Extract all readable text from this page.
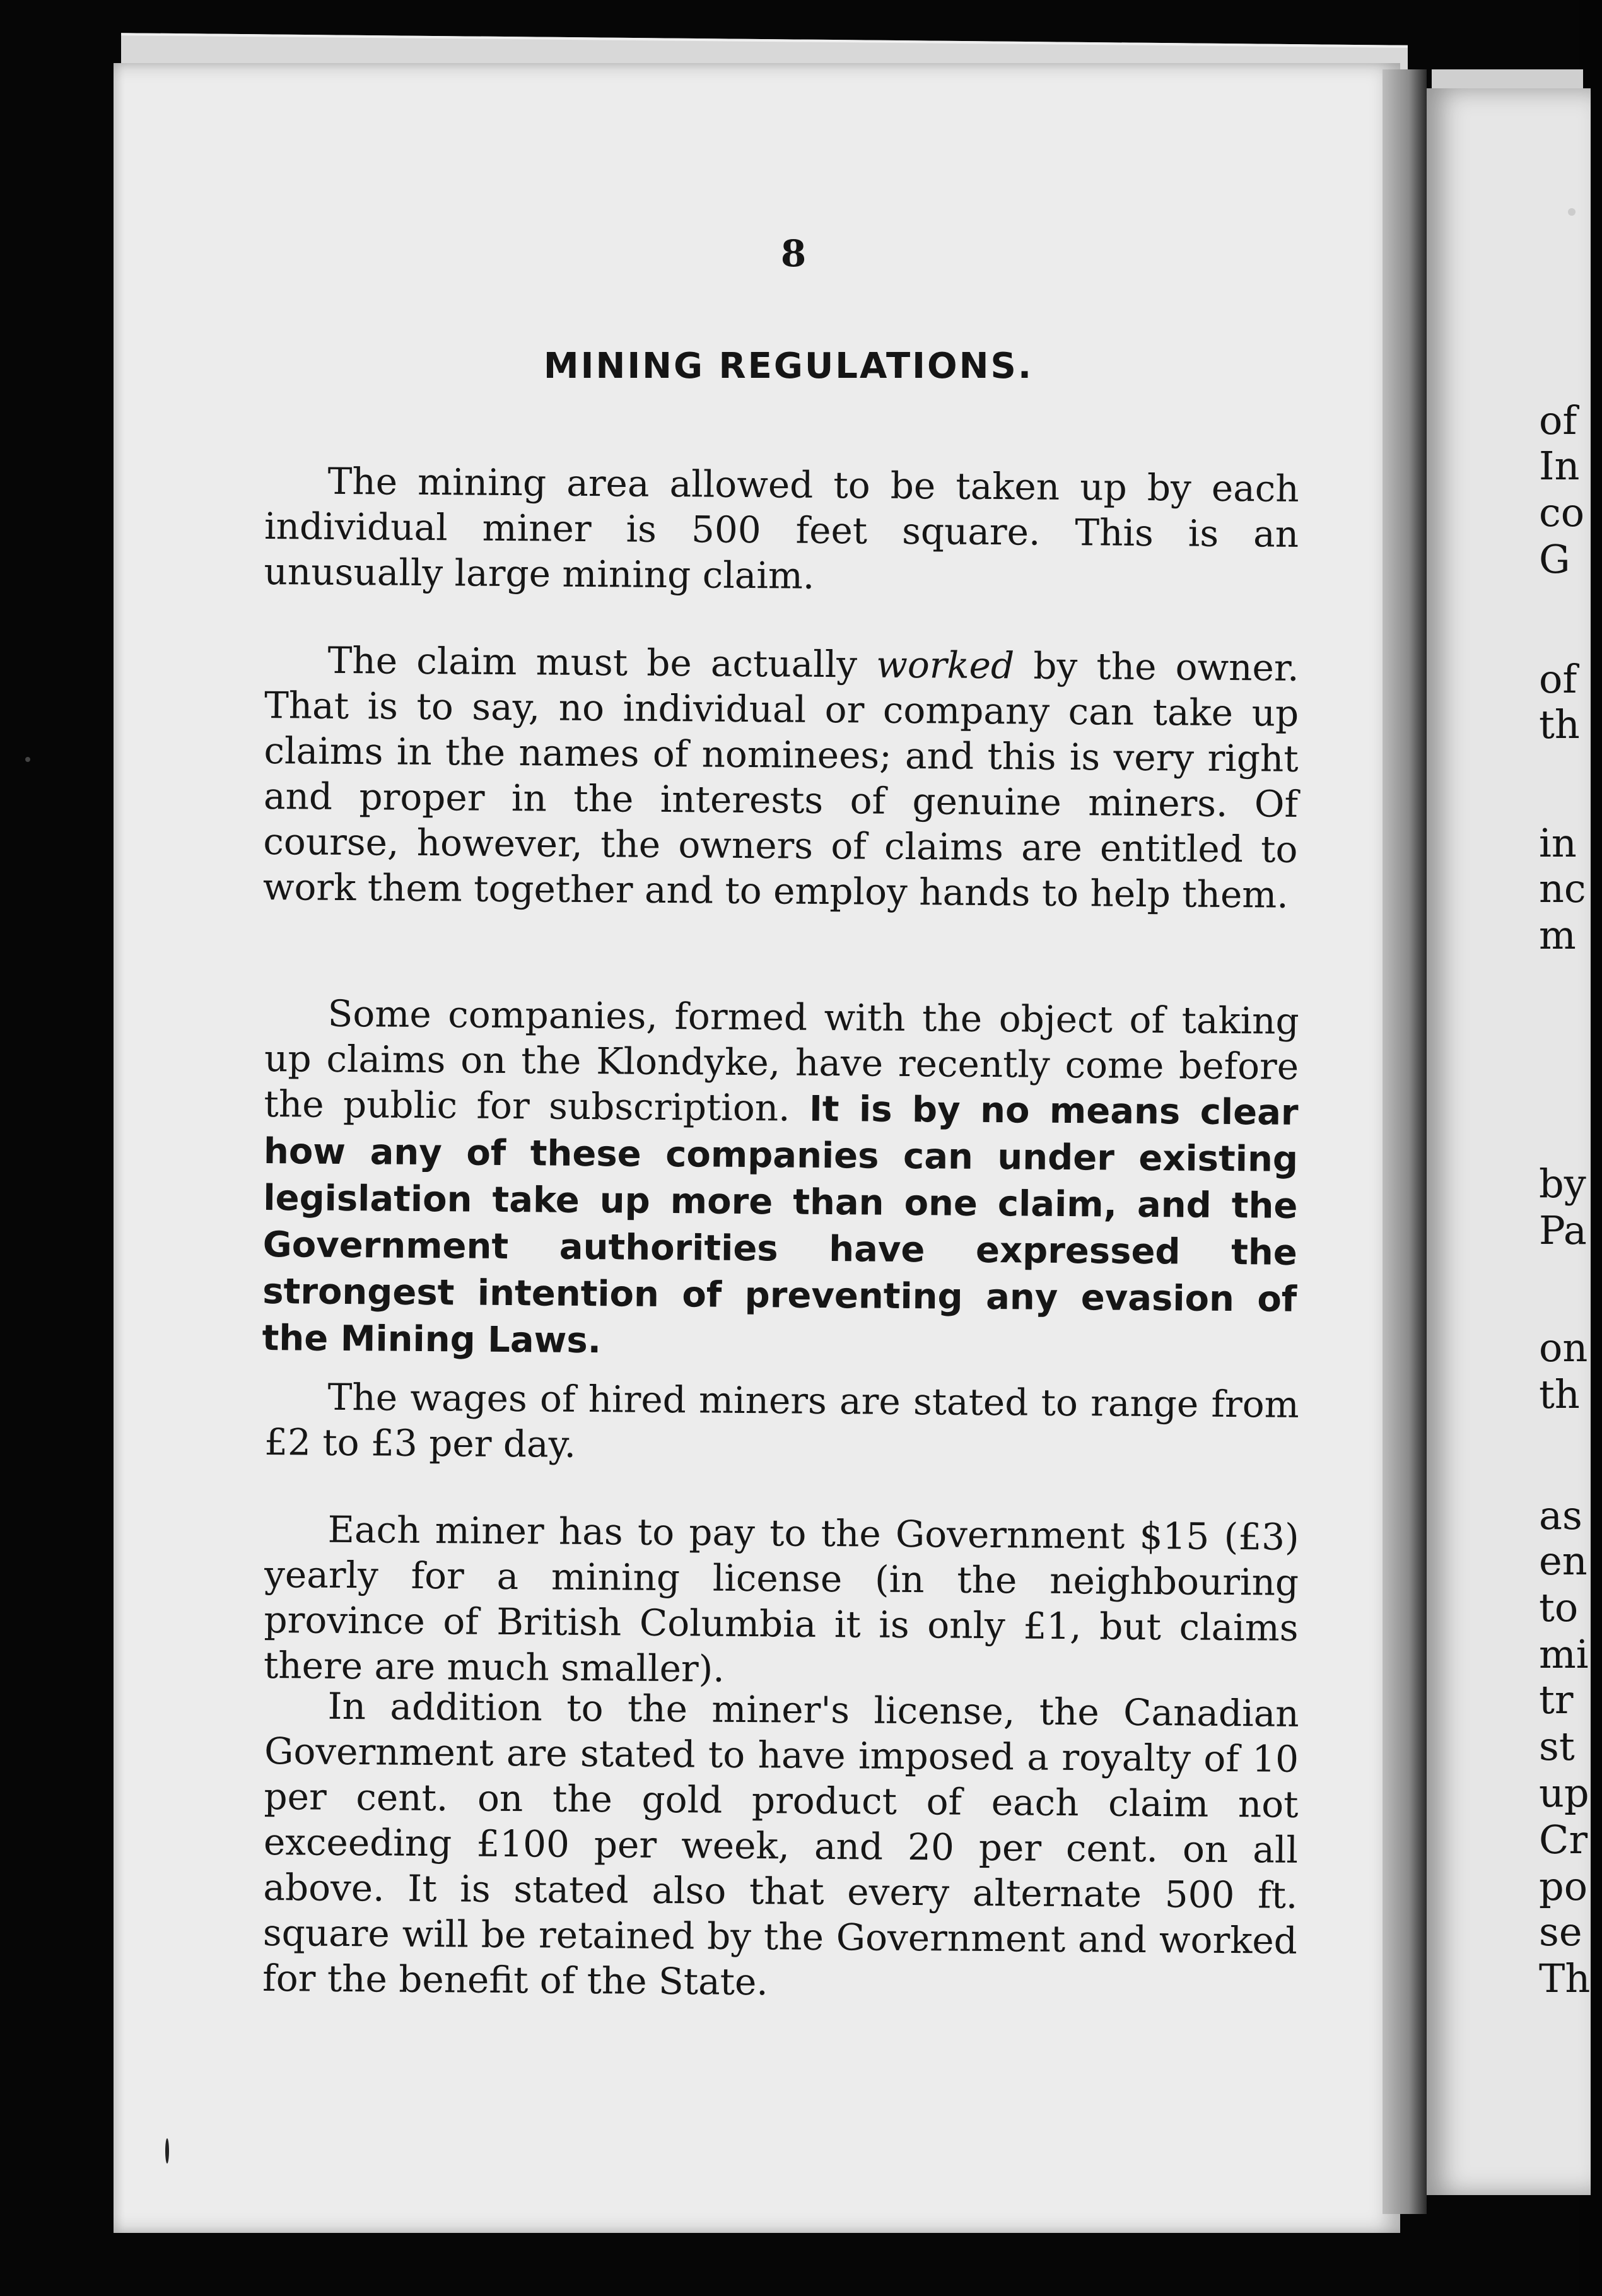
of
In
co
G
of
th
in
nc
m
by
Pa
on
th
as
en
to
mi
tr
st
up
Cr
po
se
Th
8
MINING REGULATIONS.

The mining area allowed to be taken up by each individual miner is 500 feet square. This is an unusually large mining claim.

The claim must be actually worked by the owner. That is to say, no individual or company can take up claims in the names of nominees; and this is very right and proper in the interests of genuine miners. Of course, however, the owners of claims are entitled to work them together and to employ hands to help them.

Some companies, formed with the object of taking up claims on the Klondyke, have recently come before the public for subscription. It is by no means clear how any of these companies can under existing legislation take up more than one claim, and the Government authorities have expressed the strongest intention of preventing any evasion of the Mining Laws.

The wages of hired miners are stated to range from £2 to £3 per day.

Each miner has to pay to the Government $15 (£3) yearly for a mining license (in the neighbouring province of British Columbia it is only £1, but claims there are much smaller).

In addition to the miner's license, the Canadian Government are stated to have imposed a royalty of 10 per cent. on the gold product of each claim not exceeding £100 per week, and 20 per cent. on all above. It is stated also that every alternate 500 ft. square will be retained by the Government and worked for the benefit of the State.
